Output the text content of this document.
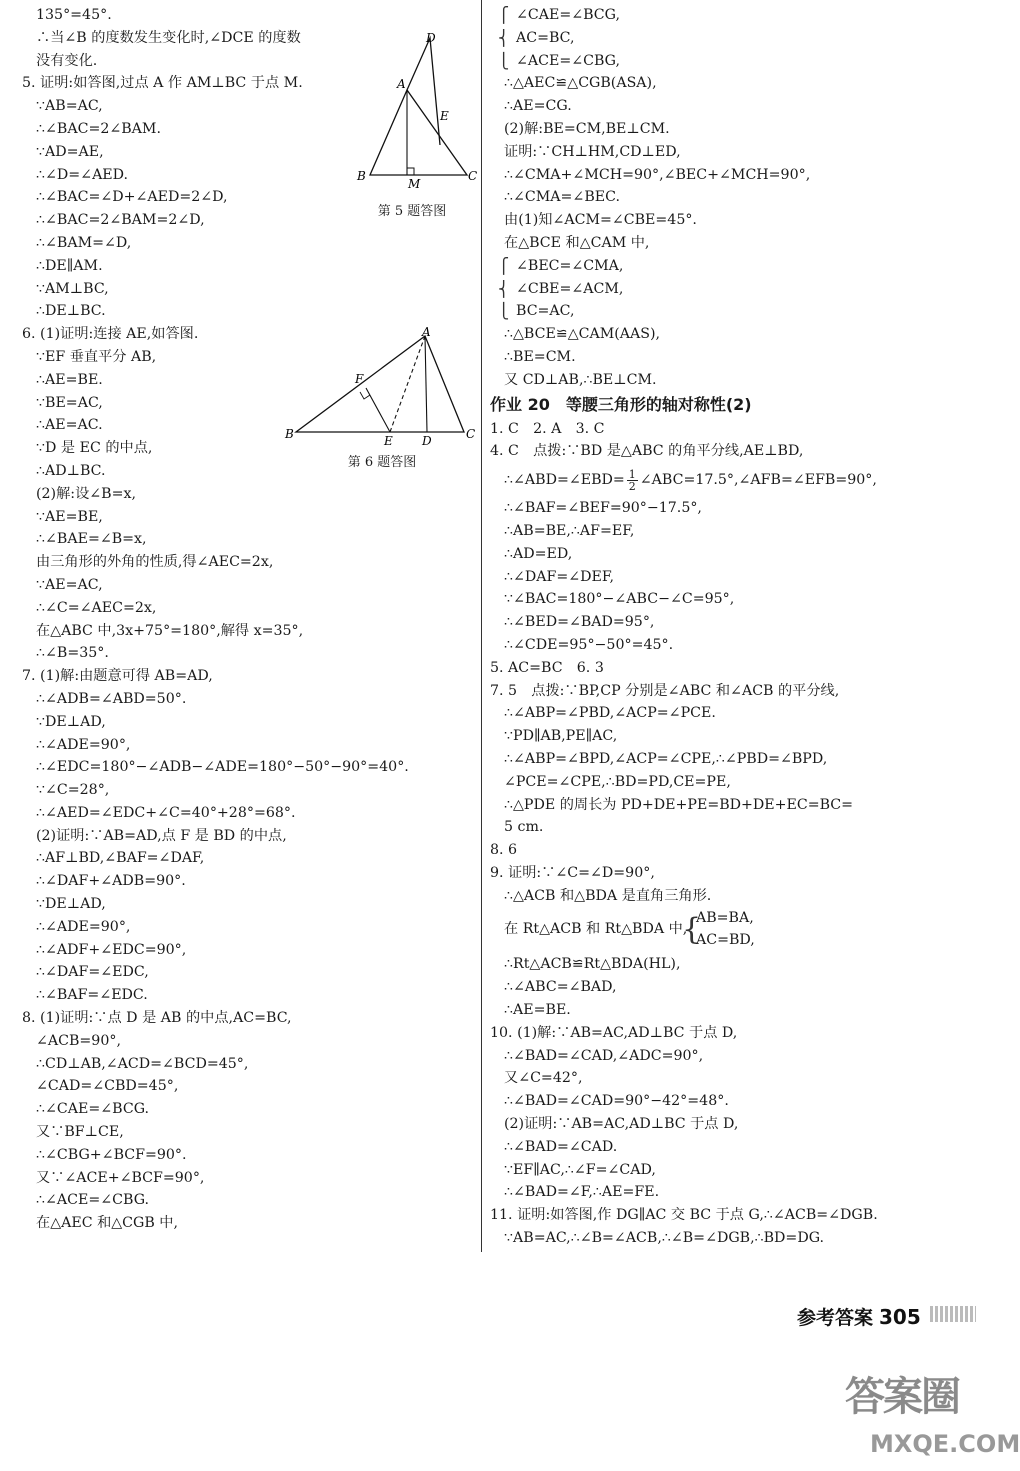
135°=45°.
∴当∠B 的度数发生变化时,∠DCE 的度数
没有变化.
5. 证明:如答图,过点 A 作 AM⊥BC 于点 M.
∵AB=AC,
∴∠BAC=2∠BAM.
∵AD=AE,
∴∠D=∠AED.
∴∠BAC=∠D+∠AED=2∠D,
∴∠BAC=2∠BAM=2∠D,
∴∠BAM=∠D,
∴DE∥AM.
∵AM⊥BC,
∴DE⊥BC.
6. (1)证明:连接 AE,如答图.
∵EF 垂直平分 AB,
∴AE=BE.
∵BE=AC,
∴AE=AC.
∵D 是 EC 的中点,
∴AD⊥BC.
(2)解:设∠B=x,
∵AE=BE,
∴∠BAE=∠B=x,
由三角形的外角的性质,得∠AEC=2x,
∵AE=AC,
∴∠C=∠AEC=2x,
在△ABC 中,3x+75°=180°,解得 x=35°,
∴∠B=35°.
7. (1)解:由题意可得 AB=AD,
∴∠ADB=∠ABD=50°.
∵DE⊥AD,
∴∠ADE=90°,
∴∠EDC=180°−∠ADB−∠ADE=180°−50°−90°=40°.
∵∠C=28°,
∴∠AED=∠EDC+∠C=40°+28°=68°.
(2)证明:∵AB=AD,点 F 是 BD 的中点,
∴AF⊥BD,∠BAF=∠DAF,
∴∠DAF+∠ADB=90°.
∵DE⊥AD,
∴∠ADE=90°,
∴∠ADF+∠EDC=90°,
∴∠DAF=∠EDC,
∴∠BAF=∠EDC.
8. (1)证明:∵点 D 是 AB 的中点,AC=BC,
∠ACB=90°,
∴CD⊥AB,∠ACD=∠BCD=45°,
∠CAD=∠CBD=45°,
∴∠CAE=∠BCG.
又∵BF⊥CE,
∴∠CBG+∠BCF=90°.
又∵∠ACE+∠BCF=90°,
∴∠ACE=∠CBG.
在△AEC 和△CGB 中,
D
A
E
B
M
C
第 5 题答图
A
F
B	E D	C
第 6 题答图
∠CAE=∠BCG,
⎧
AC=BC,
⎨
∠ACE=∠CBG,
⎩
∴△AEC≌△CGB(ASA),
∴AE=CG.
(2)解:BE=CM,BE⊥CM.
证明:∵CH⊥HM,CD⊥ED,
∴∠CMA+∠MCH=90°,∠BEC+∠MCH=90°,
∴∠CMA=∠BEC.
由(1)知∠ACM=∠CBE=45°.
在△BCE 和△CAM 中,
∠BEC=∠CMA,
⎧
∠CBE=∠ACM,
⎨
BC=AC,
⎩
∴△BCE≌△CAM(AAS),
∴BE=CM.
又 CD⊥AB,∴BE⊥CM.
作业 20　等腰三角形的轴对称性(2)
1. C　2. A　3. C
4. C　点拨:∵BD 是△ABC 的角平分线,AE⊥BD,
∴∠ABD=∠EBD= $\frac{1}{2}$ ∠ABC=17.5°,∠AFB=∠EFB=90°,
∴∠BAF=∠BEF=90°−17.5°,
∴AB=BE,∴AF=EF,
∴AD=ED,
∴∠DAF=∠DEF,
∵∠BAC=180°−∠ABC−∠C=95°,
∴∠BED=∠BAD=95°,
∴∠CDE=95°−50°=45°.
5. AC=BC　6. 3
7. 5　点拨:∵BP,CP 分别是∠ABC 和∠ACB 的平分线,
∴∠ABP=∠PBD,∠ACP=∠PCE.
∵PD∥AB,PE∥AC,
∴∠ABP=∠BPD,∠ACP=∠CPE,∴∠PBD=∠BPD,
∠PCE=∠CPE,∴BD=PD,CE=PE,
∴△PDE 的周长为 PD+DE+PE=BD+DE+EC=BC=
5 cm.
8. 6
9. 证明:∵∠C=∠D=90°,
∴△ACB 和△BDA 是直角三角形.
在 Rt△ACB 和 Rt△BDA 中,
{
AB=BA,
AC=BD,
∴Rt△ACB≌Rt△BDA(HL),
∴∠ABC=∠BAD,
∴AE=BE.
10. (1)解:∵AB=AC,AD⊥BC 于点 D,
∴∠BAD=∠CAD,∠ADC=90°,
又∠C=42°,
∴∠BAD=∠CAD=90°−42°=48°.
(2)证明:∵AB=AC,AD⊥BC 于点 D,
∴∠BAD=∠CAD.
∵EF∥AC,∴∠F=∠CAD,
∴∠BAD=∠F,∴AE=FE.
11. 证明:如答图,作 DG∥AC 交 BC 于点 G,∴∠ACB=∠DGB.
∵AB=AC,∴∠B=∠ACB,∴∠B=∠DGB,∴BD=DG.
参考答案 305
答案圈
MXQE.COM
